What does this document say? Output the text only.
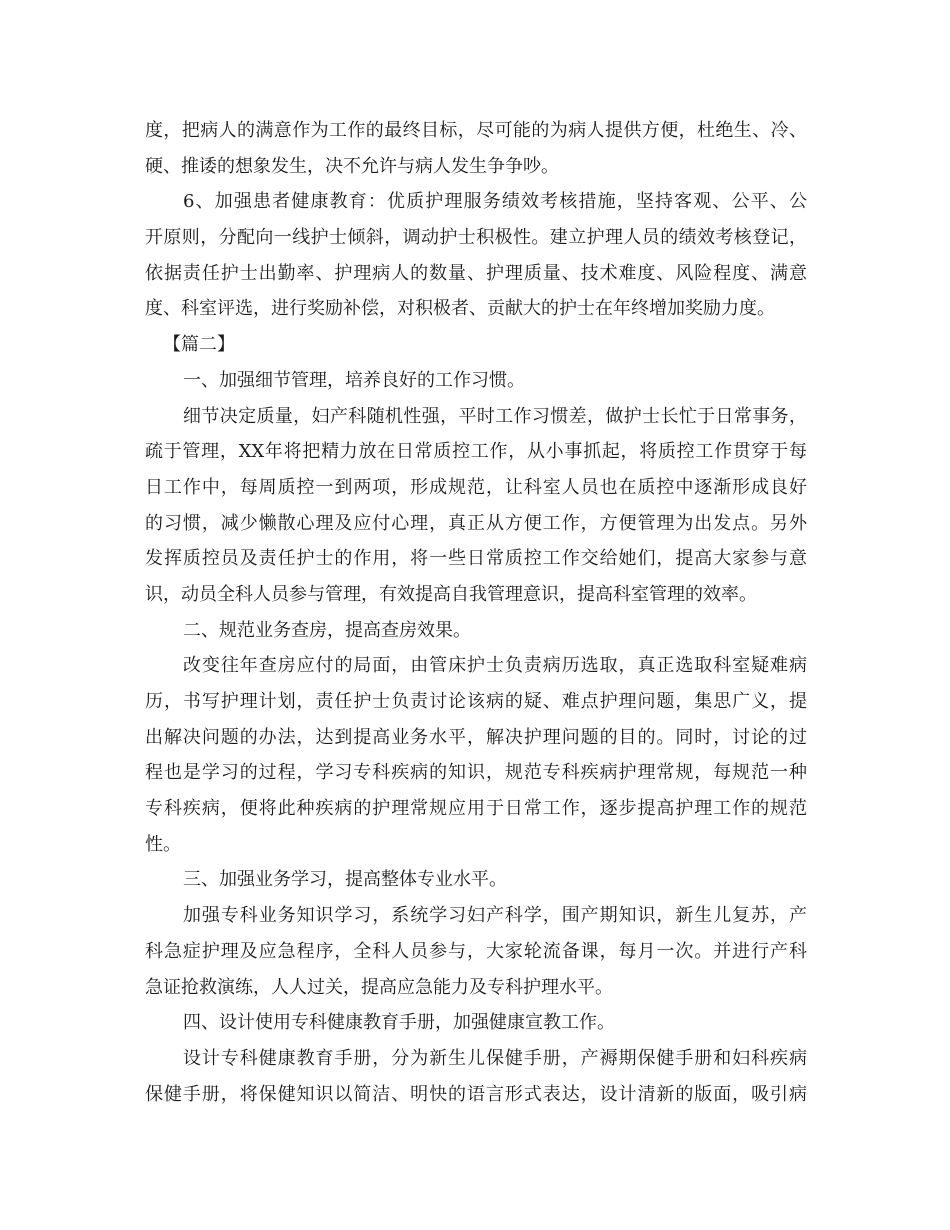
度，把病人的满意作为工作的最终目标，尽可能的为病人提供方便，杜绝生、冷、
硬、推诿的想象发生，决不允许与病人发生争争吵。
6、加强患者健康教育：优质护理服务绩效考核措施，坚持客观、公平、公
开原则，分配向一线护士倾斜，调动护士积极性。建立护理人员的绩效考核登记，
依据责任护士出勤率、护理病人的数量、护理质量、技术难度、风险程度、满意
度、科室评选，进行奖励补偿，对积极者、贡献大的护士在年终增加奖励力度。
【篇二】
一、加强细节管理，培养良好的工作习惯。
细节决定质量，妇产科随机性强，平时工作习惯差，做护士长忙于日常事务，
疏于管理，XX年将把精力放在日常质控工作，从小事抓起，将质控工作贯穿于每
日工作中，每周质控一到两项，形成规范，让科室人员也在质控中逐渐形成良好
的习惯，减少懒散心理及应付心理，真正从方便工作，方便管理为出发点。另外
发挥质控员及责任护士的作用，将一些日常质控工作交给她们，提高大家参与意
识，动员全科人员参与管理，有效提高自我管理意识，提高科室管理的效率。
二、规范业务查房，提高查房效果。
改变往年查房应付的局面，由管床护士负责病历选取，真正选取科室疑难病
历，书写护理计划，责任护士负责讨论该病的疑、难点护理问题，集思广义，提
出解决问题的办法，达到提高业务水平，解决护理问题的目的。同时，讨论的过
程也是学习的过程，学习专科疾病的知识，规范专科疾病护理常规，每规范一种
专科疾病，便将此种疾病的护理常规应用于日常工作，逐步提高护理工作的规范
性。
三、加强业务学习，提高整体专业水平。
加强专科业务知识学习，系统学习妇产科学，围产期知识，新生儿复苏，产
科急症护理及应急程序，全科人员参与，大家轮流备课，每月一次。并进行产科
急证抢救演练，人人过关，提高应急能力及专科护理水平。
四、设计使用专科健康教育手册，加强健康宣教工作。
设计专科健康教育手册，分为新生儿保健手册，产褥期保健手册和妇科疾病
保健手册，将保健知识以简洁、明快的语言形式表达，设计清新的版面，吸引病
